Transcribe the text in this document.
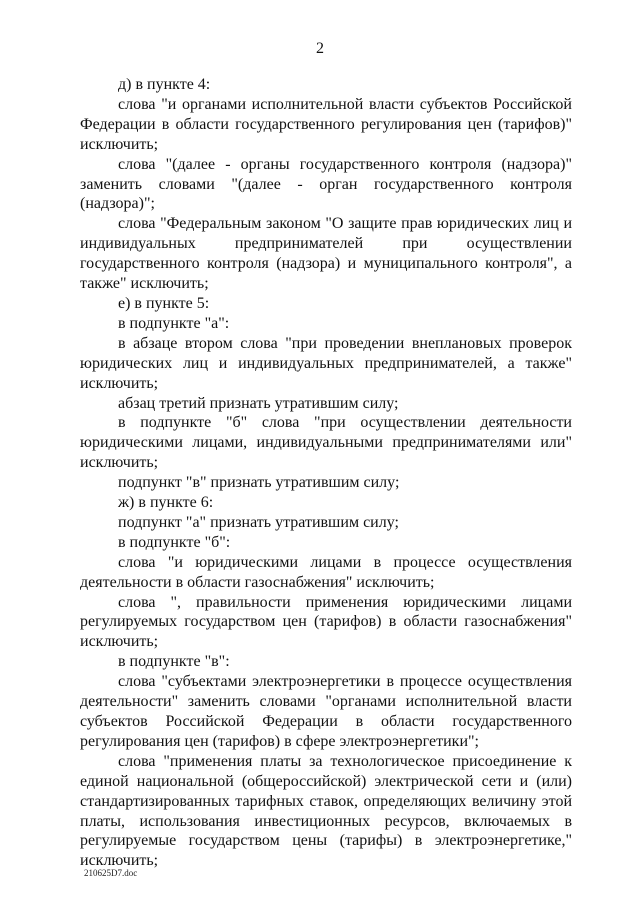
2

д) в пункте 4:

слова "и органами исполнительной власти субъектов Российской Федерации в области государственного регулирования цен (тарифов)" исключить;

слова "(далее - органы государственного контроля (надзора)" заменить словами "(далее - орган государственного контроля (надзора)";

слова "Федеральным законом "О защите прав юридических лиц и индивидуальных предпринимателей при осуществлении государственного контроля (надзора) и муниципального контроля", а также" исключить;

е) в пункте 5:

в подпункте "а":

в абзаце втором слова "при проведении внеплановых проверок юридических лиц и индивидуальных предпринимателей, а также" исключить;

абзац третий признать утратившим силу;

в подпункте "б" слова "при осуществлении деятельности юридическими лицами, индивидуальными предпринимателями или" исключить;

подпункт "в" признать утратившим силу;

ж) в пункте 6:

подпункт "а" признать утратившим силу;

в подпункте "б":

слова "и юридическими лицами в процессе осуществления деятельности в области газоснабжения" исключить;

слова ", правильности применения юридическими лицами регулируемых государством цен (тарифов) в области газоснабжения" исключить;

в подпункте "в":

слова "субъектами электроэнергетики в процессе осуществления деятельности" заменить словами "органами исполнительной власти субъектов Российской Федерации в области государственного регулирования цен (тарифов) в сфере электроэнергетики";

слова "применения платы за технологическое присоединение к единой национальной (общероссийской) электрической сети и (или) стандартизированных тарифных ставок, определяющих величину этой платы, использования инвестиционных ресурсов, включаемых в регулируемые государством цены (тарифы) в электроэнергетике," исключить;

210625D7.doc
